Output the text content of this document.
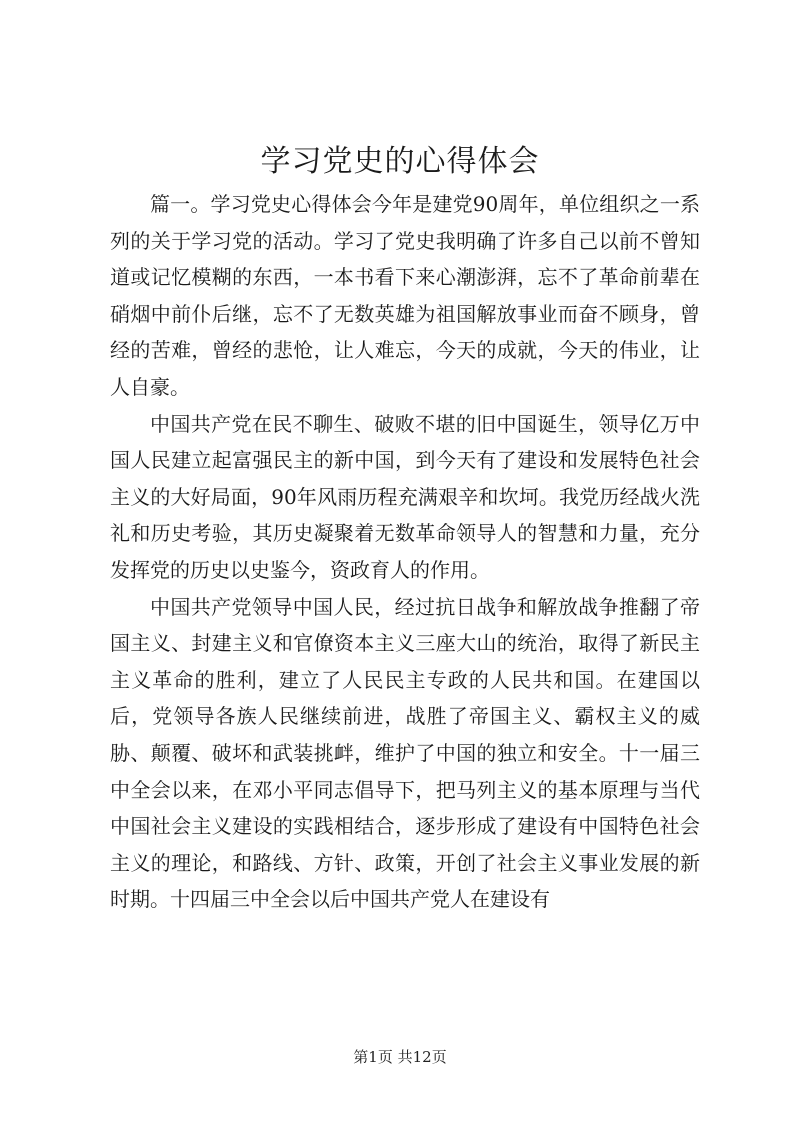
学习党史的心得体会

篇一。学习党史心得体会今年是建党90周年，单位组织之一系列的关于学习党的活动。学习了党史我明确了许多自己以前不曾知道或记忆模糊的东西，一本书看下来心潮澎湃，忘不了革命前辈在硝烟中前仆后继，忘不了无数英雄为祖国解放事业而奋不顾身，曾经的苦难，曾经的悲怆，让人难忘，今天的成就，今天的伟业，让人自豪。

中国共产党在民不聊生、破败不堪的旧中国诞生，领导亿万中国人民建立起富强民主的新中国，到今天有了建设和发展特色社会主义的大好局面，90年风雨历程充满艰辛和坎坷。我党历经战火洗礼和历史考验，其历史凝聚着无数革命领导人的智慧和力量，充分发挥党的历史以史鉴今，资政育人的作用。

中国共产党领导中国人民，经过抗日战争和解放战争推翻了帝国主义、封建主义和官僚资本主义三座大山的统治，取得了新民主主义革命的胜利，建立了人民民主专政的人民共和国。在建国以后，党领导各族人民继续前进，战胜了帝国主义、霸权主义的威胁、颠覆、破坏和武装挑衅，维护了中国的独立和安全。十一届三中全会以来，在邓小平同志倡导下，把马列主义的基本原理与当代中国社会主义建设的实践相结合，逐步形成了建设有中国特色社会主义的理论，和路线、方针、政策，开创了社会主义事业发展的新时期。十四届三中全会以后中国共产党人在建设有

第1页 共12页
